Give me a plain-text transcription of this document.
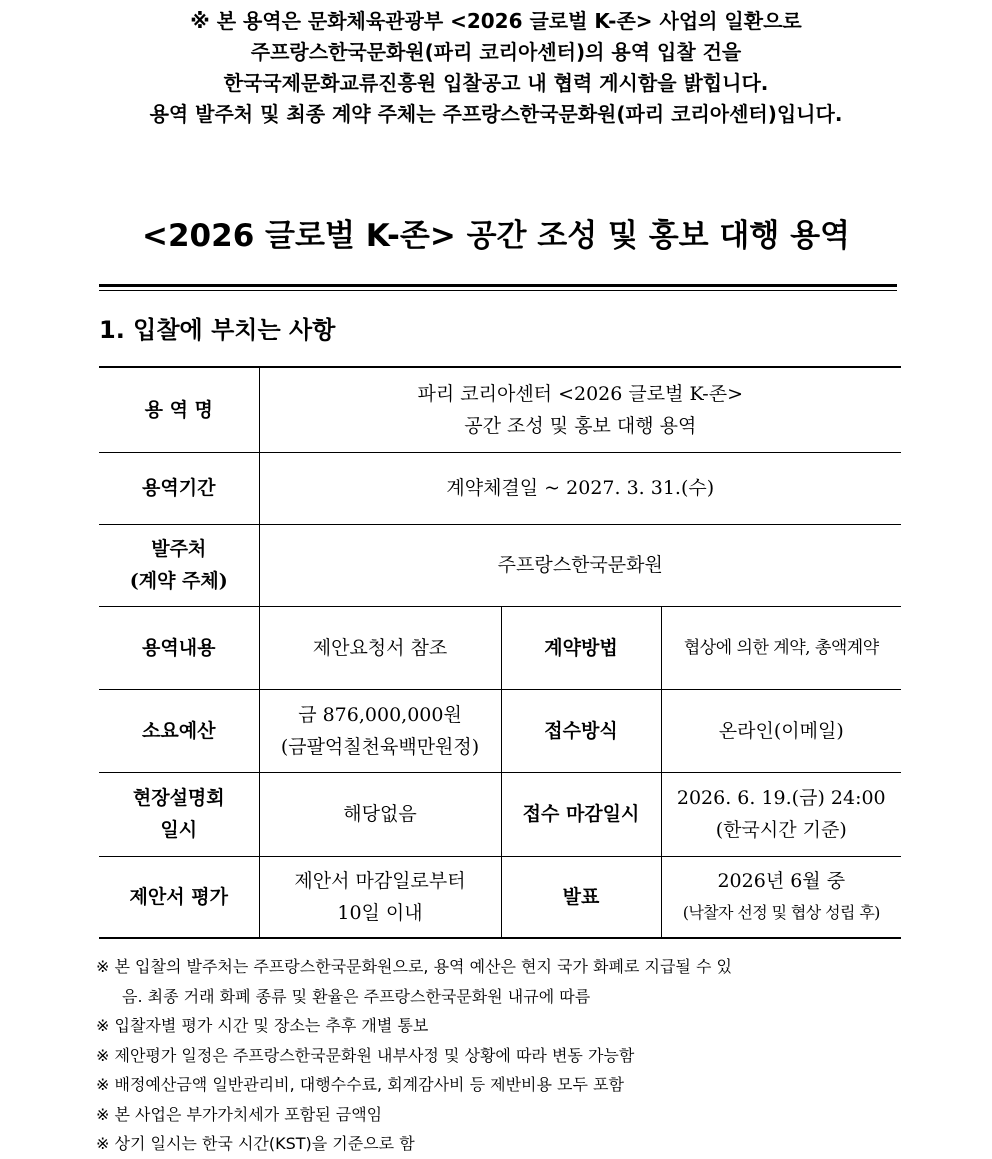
※ 본 용역은 문화체육관광부 <2026 글로벌 K-존> 사업의 일환으로
주프랑스한국문화원(파리 코리아센터)의 용역 입찰 건을
한국국제문화교류진흥원 입찰공고 내 협력 게시함을 밝힙니다.
용역 발주처 및 최종 계약 주체는 주프랑스한국문화원(파리 코리아센터)입니다.
<2026 글로벌 K-존> 공간 조성 및 홍보 대행 용역
1. 입찰에 부치는 사항
용 역 명	파리 코리아센터 <2026 글로벌 K-존>
공간 조성 및 홍보 대행 용역		

용역기간	계약체결일 ~ 2027. 3. 31.(수)		

발주처
(계약 주체)	주프랑스한국문화원		
용역내용	제안요청서 참조	계약방법	협상에 의한 계약, 총액계약
소요예산	금 876,000,000원
(금팔억칠천육백만원정)	접수방식	온라인(이메일)

현장설명회
일시	해당없음	접수 마감일시	2026. 6. 19.(금) 24:00
(한국시간 기준)

제안서 평가	제안서 마감일로부터
10일 이내	발표	2026년 6월 중
(낙찰자 선정 및 협상 성립 후)
※ 본 입찰의 발주처는 주프랑스한국문화원으로, 용역 예산은 현지 국가 화폐로 지급될 수 있
음. 최종 거래 화폐 종류 및 환율은 주프랑스한국문화원 내규에 따름
※ 입찰자별 평가 시간 및 장소는 추후 개별 통보
※ 제안평가 일정은 주프랑스한국문화원 내부사정 및 상황에 따라 변동 가능함
※ 배정예산금액 일반관리비, 대행수수료, 회계감사비 등 제반비용 모두 포함
※ 본 사업은 부가가치세가 포함된 금액임
※ 상기 일시는 한국 시간(KST)을 기준으로 함
